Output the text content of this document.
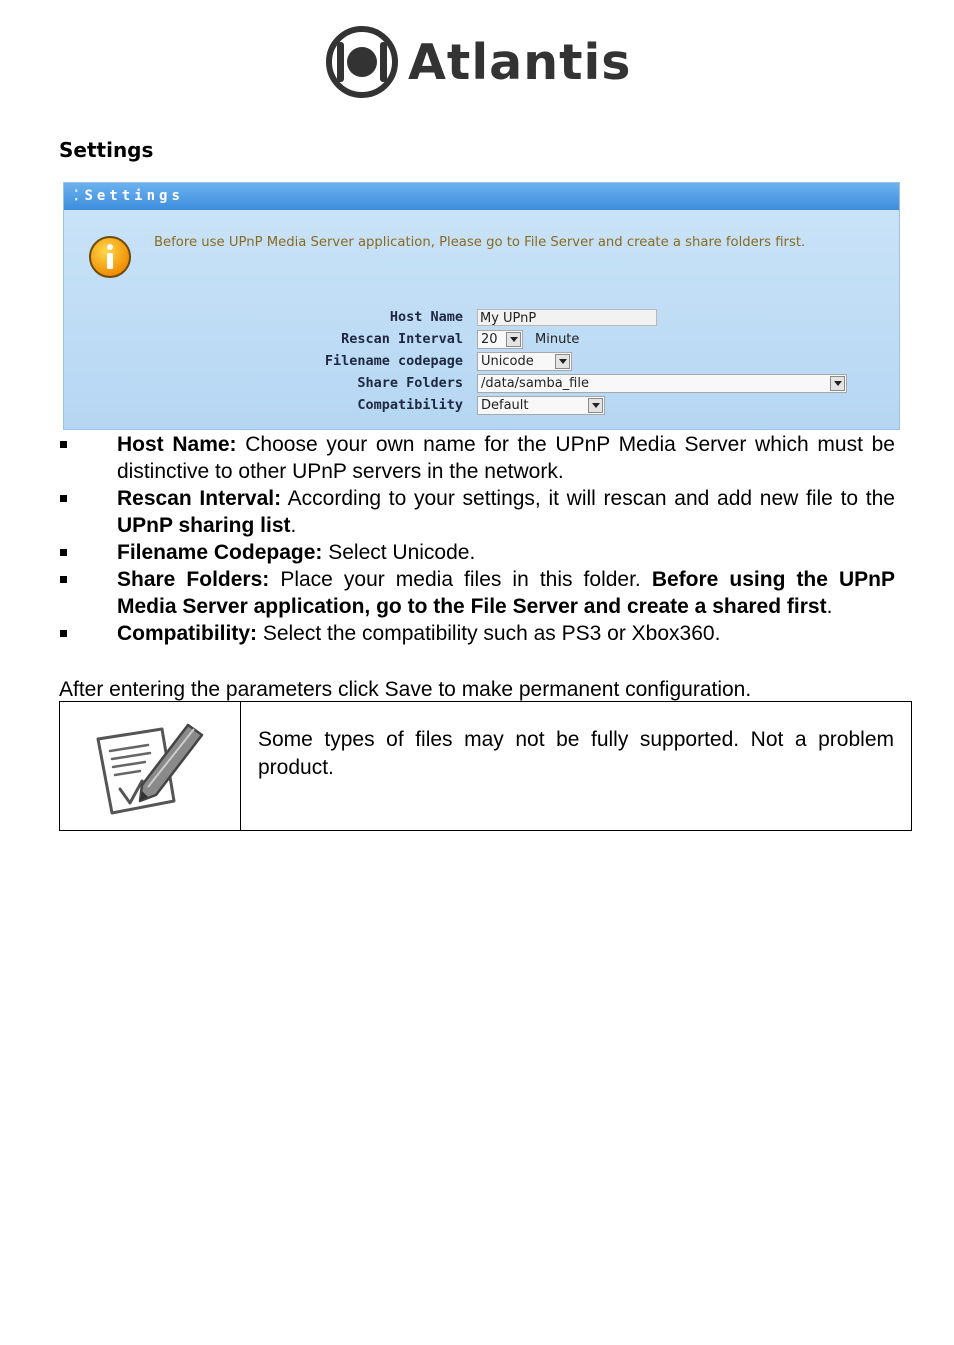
Atlantis
Settings
⁚ Settings
Before use UPnP Media Server application, Please go to File Server and create a share folders first.
Host Name
Rescan Interval
Filename codepage
Share Folders
Compatibility
My UPnP
20	Minute
Unicode
/data/samba_file
Default
Host Name: Choose your own name for the UPnP Media Server which must be distinctive to other UPnP servers in the network.
Rescan Interval: According to your settings, it will rescan and add new file to the UPnP sharing list.
Filename Codepage: Select Unicode.
Share Folders: Place your media files in this folder. Before using the UPnP Media Server application, go to the File Server and create a shared first.
Compatibility: Select the compatibility such as PS3 or Xbox360.
After entering the parameters click Save to make permanent configuration.
Some types of files may not be fully supported. Not a problem product.
